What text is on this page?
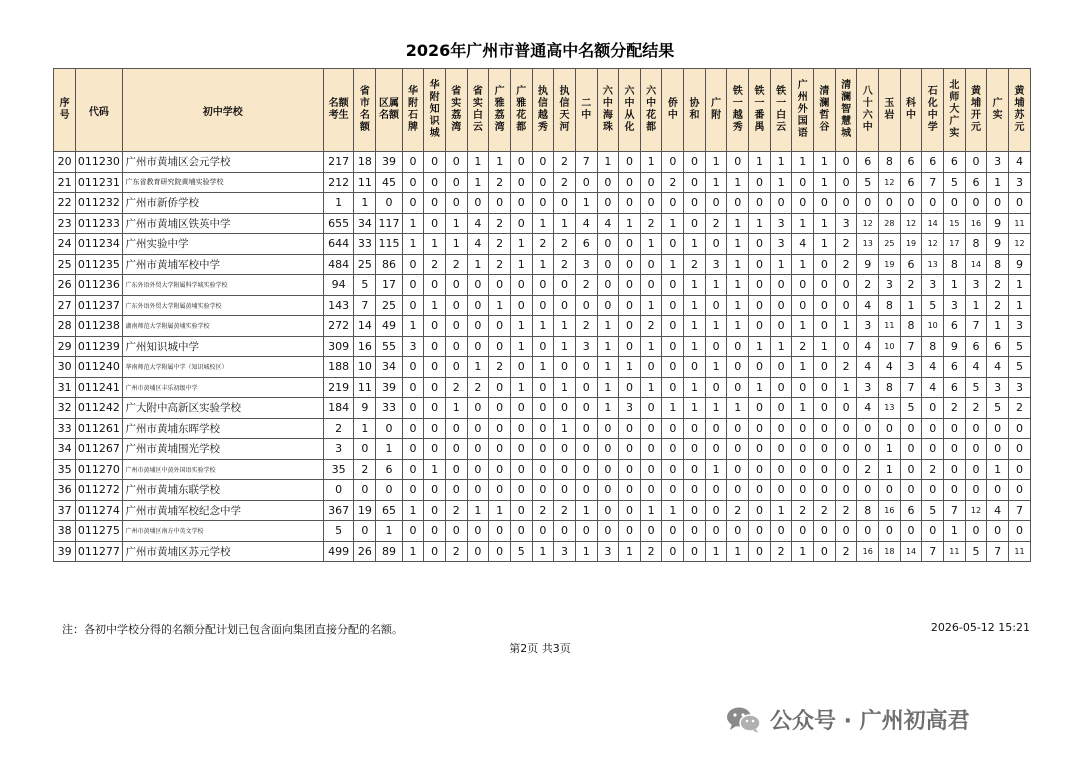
2026年广州市普通高中名额分配结果
序号	代码	初中学校	名额考生	省市名额	区属名额	华附石牌	华附知识城	省实荔湾	省实白云	广雅荔湾	广雅花都	执信越秀	执信天河	二中	六中海珠	六中从化	六中花都	侨中	协和	广附	铁一越秀	铁一番禺	铁一白云	广州外国语	清澜哲谷	清澜智慧城	八十六中	玉岩	科中	石化中学	北师大广实	黄埔开元	广实	黄埔苏元
20	011230	广州市黄埔区会元学校	217	18	39	0	0	0	1	1	0	0	2	7	1	0	1	0	0	1	0	1	1	1	1	0	6	8	6	6	6	0	3	4
21	011231	广东省教育研究院黄埔实验学校	212	11	45	0	0	0	1	2	0	0	2	0	0	0	0	2	0	1	1	0	1	0	1	0	5	12	6	7	5	6	1	3
22	011232	广州市新侨学校	1	1	0	0	0	0	0	0	0	0	0	1	0	0	0	0	0	0	0	0	0	0	0	0	0	0	0	0	0	0	0	0
23	011233	广州市黄埔区铁英中学	655	34	117	1	0	1	4	2	0	1	1	4	4	1	2	1	0	2	1	1	3	1	1	3	12	28	12	14	15	16	9	11
24	011234	广州实验中学	644	33	115	1	1	1	4	2	1	2	2	6	0	0	1	0	1	0	1	0	3	4	1	2	13	25	19	12	17	8	9	12
25	011235	广州市黄埔军校中学	484	25	86	0	2	2	1	2	1	1	2	3	0	0	0	1	2	3	1	0	1	1	0	2	9	19	6	13	8	14	8	9
26	011236	广东外语外贸大学附属科学城实验学校	94	5	17	0	0	0	0	0	0	0	0	2	0	0	0	0	1	1	1	0	0	0	0	0	2	3	2	3	1	3	2	1
27	011237	广东外语外贸大学附属黄埔实验学校	143	7	25	0	1	0	0	1	0	0	0	0	0	0	1	0	1	0	1	0	0	0	0	0	4	8	1	5	3	1	2	1
28	011238	湖南师范大学附属黄埔实验学校	272	14	49	1	0	0	0	0	1	1	1	2	1	0	2	0	1	1	1	0	0	1	0	1	3	11	8	10	6	7	1	3
29	011239	广州知识城中学	309	16	55	3	0	0	0	0	1	0	1	3	1	0	1	0	1	0	0	1	1	2	1	0	4	10	7	8	9	6	6	5
30	011240	华南师范大学附属中学（知识城校区）	188	10	34	0	0	0	1	2	0	1	0	0	1	1	0	0	0	1	0	0	0	1	0	2	4	4	3	4	6	4	4	5
31	011241	广州市黄埔区丰乐初级中学	219	11	39	0	0	2	2	0	1	0	1	0	1	0	1	0	1	0	0	1	0	0	0	1	3	8	7	4	6	5	3	3
32	011242	广大附中高新区实验学校	184	9	33	0	0	1	0	0	0	0	0	0	1	3	0	1	1	1	1	0	0	1	0	0	4	13	5	0	2	2	5	2
33	011261	广州市黄埔东晖学校	2	1	0	0	0	0	0	0	0	0	1	0	0	0	0	0	0	0	0	0	0	0	0	0	0	0	0	0	0	0	0	0
34	011267	广州市黄埔围光学校	3	0	1	0	0	0	0	0	0	0	0	0	0	0	0	0	0	0	0	0	0	0	0	0	0	1	0	0	0	0	0	0
35	011270	广州市黄埔区中黄外国语实验学校	35	2	6	0	1	0	0	0	0	0	0	0	0	0	0	0	0	1	0	0	0	0	0	0	2	1	0	2	0	0	1	0
36	011272	广州市黄埔东联学校	0	0	0	0	0	0	0	0	0	0	0	0	0	0	0	0	0	0	0	0	0	0	0	0	0	0	0	0	0	0	0	0
37	011274	广州市黄埔军校纪念中学	367	19	65	1	0	2	1	1	0	2	2	1	0	0	1	1	0	0	2	0	1	2	2	2	8	16	6	5	7	12	4	7
38	011275	广州市黄埔区南方中英文学校	5	0	1	0	0	0	0	0	0	0	0	0	0	0	0	0	0	0	0	0	0	0	0	0	0	0	0	0	1	0	0	0
39	011277	广州市黄埔区苏元学校	499	26	89	1	0	2	0	0	5	1	3	1	3	1	2	0	0	1	1	0	2	1	0	2	16	18	14	7	11	5	7	11
注：各初中学校分得的名额分配计划已包含面向集团直接分配的名额。	2026-05-12 15:21
第2页 共3页
公众号 · 广州初高君
